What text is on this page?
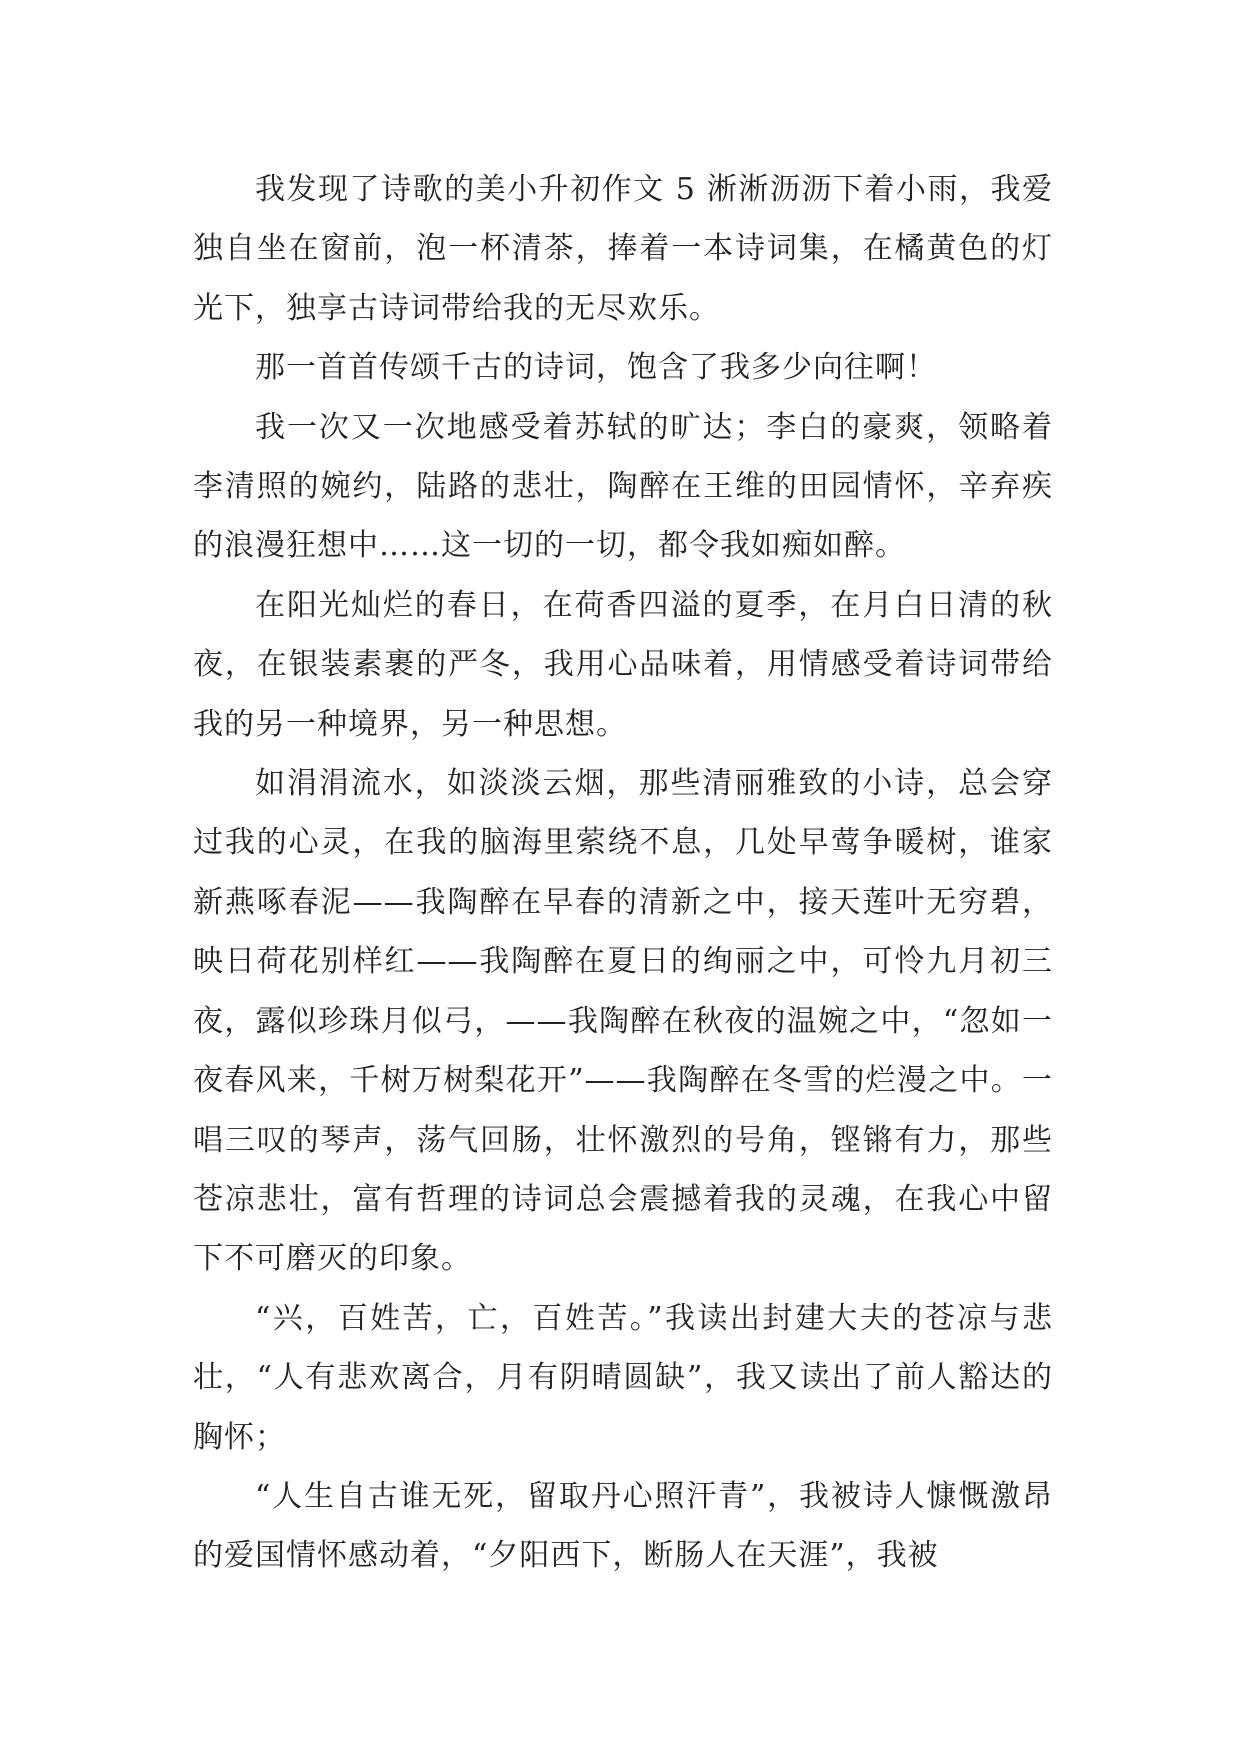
我发现了诗歌的美小升初作文 5 淅淅沥沥下着小雨，我爱独自坐在窗前，泡一杯清茶，捧着一本诗词集，在橘黄色的灯光下，独享古诗词带给我的无尽欢乐。

那一首首传颂千古的诗词，饱含了我多少向往啊！

我一次又一次地感受着苏轼的旷达；李白的豪爽，领略着李清照的婉约，陆路的悲壮，陶醉在王维的田园情怀，辛弃疾的浪漫狂想中……这一切的一切，都令我如痴如醉。

在阳光灿烂的春日，在荷香四溢的夏季，在月白日清的秋夜，在银装素裹的严冬，我用心品味着，用情感受着诗词带给我的另一种境界，另一种思想。

如涓涓流水，如淡淡云烟，那些清丽雅致的小诗，总会穿过我的心灵，在我的脑海里萦绕不息，几处早莺争暖树，谁家新燕啄春泥——我陶醉在早春的清新之中，接天莲叶无穷碧，映日荷花别样红——我陶醉在夏日的绚丽之中，可怜九月初三夜，露似珍珠月似弓，——我陶醉在秋夜的温婉之中，“忽如一夜春风来，千树万树梨花开”——我陶醉在冬雪的烂漫之中。一唱三叹的琴声，荡气回肠，壮怀激烈的号角，铿锵有力，那些苍凉悲壮，富有哲理的诗词总会震撼着我的灵魂，在我心中留下不可磨灭的印象。

“兴，百姓苦，亡，百姓苦。”我读出封建大夫的苍凉与悲壮，“人有悲欢离合，月有阴晴圆缺”，我又读出了前人豁达的胸怀；

“人生自古谁无死，留取丹心照汗青”，我被诗人慷慨激昂的爱国情怀感动着，“夕阳西下，断肠人在天涯”，我被
